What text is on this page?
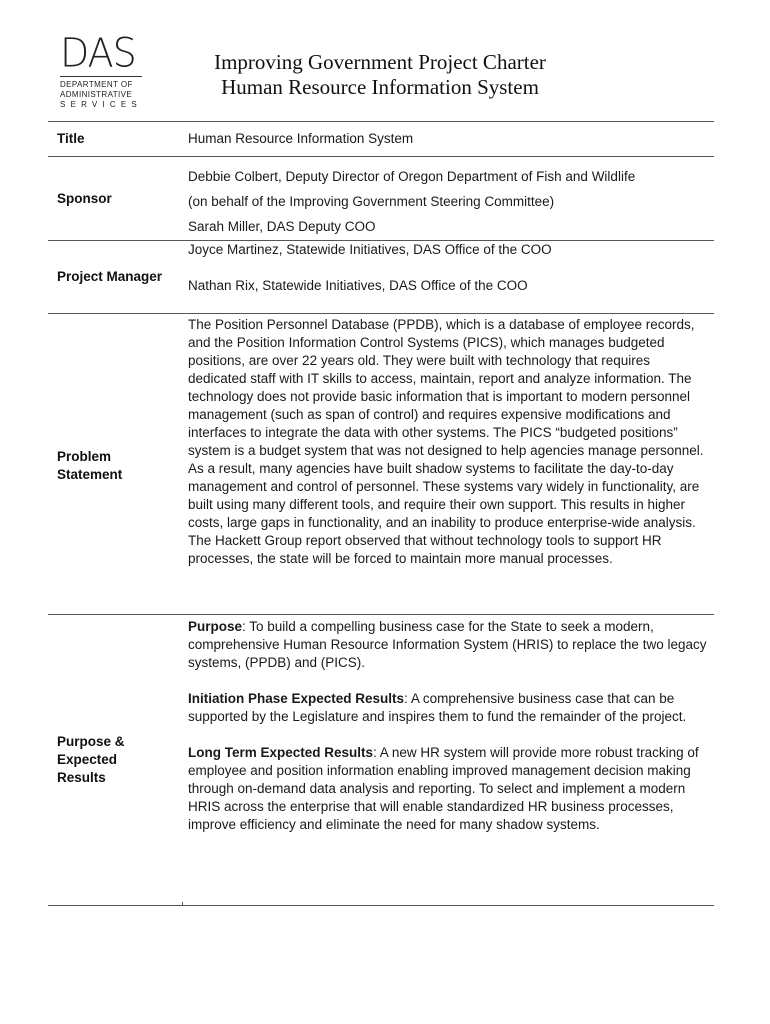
DAS
DEPARTMENT OF
ADMINISTRATIVE
SERVICES
Improving Government Project Charter
Human Resource Information System
Title	Human Resource Information System

Sponsor

Debbie Colbert, Deputy Director of Oregon Department of Fish and Wildlife

(on behalf of the Improving Government Steering Committee)

Sarah Miller, DAS Deputy COO

Project Manager

Joyce Martinez, Statewide Initiatives, DAS Office of the COO

Nathan Rix, Statewide Initiatives, DAS Office of the COO

Problem
Statement

The Position Personnel Database (PPDB), which is a database of employee records, and the Position Information Control Systems (PICS), which manages budgeted positions, are over 22 years old. They were built with technology that requires dedicated staff with IT skills to access, maintain, report and analyze information. The technology does not provide basic information that is important to modern personnel management (such as span of control) and requires expensive modifications and interfaces to integrate the data with other systems. The PICS “budgeted positions” system is a budget system that was not designed to help agencies manage personnel. As a result, many agencies have built shadow systems to facilitate the day-to-day management and control of personnel. These systems vary widely in functionality, are built using many different tools, and require their own support. This results in higher costs, large gaps in functionality, and an inability to produce enterprise-wide analysis. The Hackett Group report observed that without technology tools to support HR processes, the state will be forced to maintain more manual processes.

Purpose &
Expected
Results

Purpose: To build a compelling business case for the State to seek a modern, comprehensive Human Resource Information System (HRIS) to replace the two legacy systems, (PPDB) and (PICS).

Initiation Phase Expected Results: A comprehensive business case that can be supported by the Legislature and inspires them to fund the remainder of the project.

Long Term Expected Results: A new HR system will provide more robust tracking of employee and position information enabling improved management decision making through on-demand data analysis and reporting. To select and implement a modern HRIS across the enterprise that will enable standardized HR business processes, improve efficiency and eliminate the need for many shadow systems.
